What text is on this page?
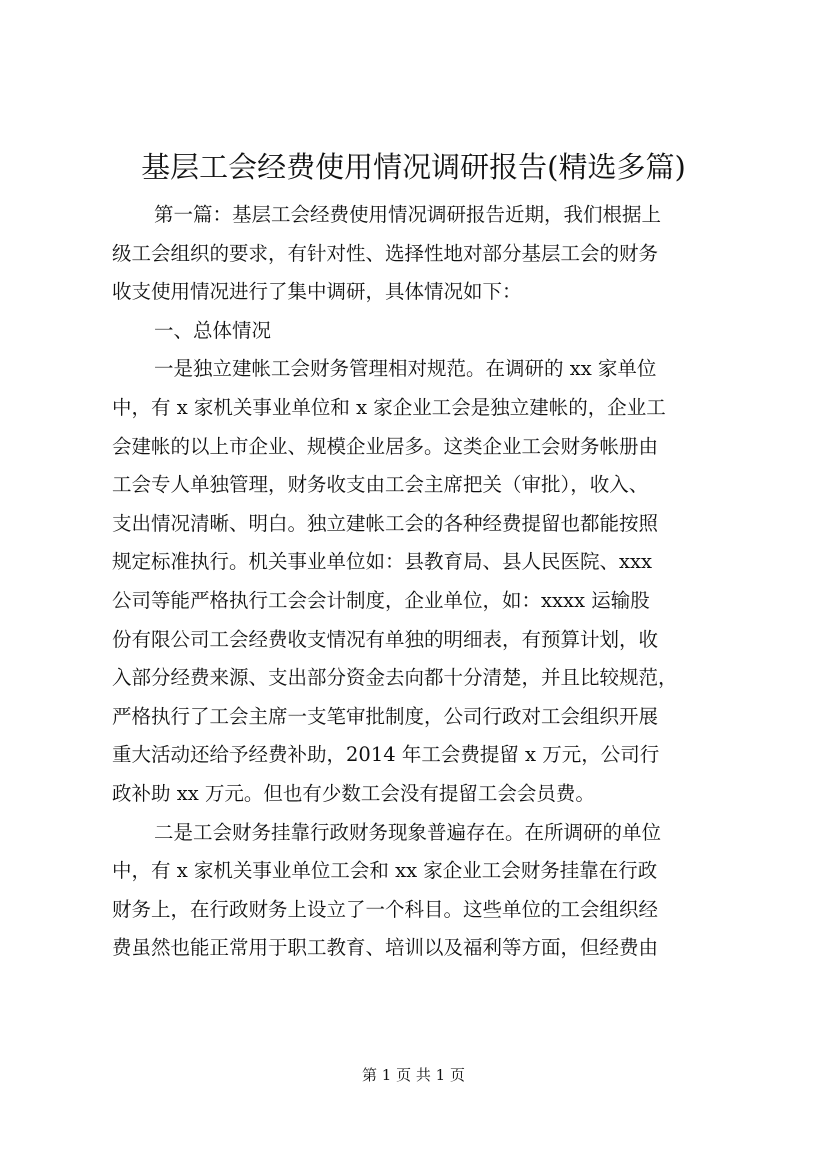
基层工会经费使用情况调研报告(精选多篇)
第一篇：基层工会经费使用情况调研报告近期，我们根据上
级工会组织的要求，有针对性、选择性地对部分基层工会的财务
收支使用情况进行了集中调研，具体情况如下：
一、总体情况
一是独立建帐工会财务管理相对规范。在调研的 xx 家单位
中，有 x 家机关事业单位和 x 家企业工会是独立建帐的，企业工
会建帐的以上市企业、规模企业居多。这类企业工会财务帐册由
工会专人单独管理，财务收支由工会主席把关（审批），收入、
支出情况清晰、明白。独立建帐工会的各种经费提留也都能按照
规定标准执行。机关事业单位如：县教育局、县人民医院、xxx
公司等能严格执行工会会计制度，企业单位，如：xxxx 运输股
份有限公司工会经费收支情况有单独的明细表，有预算计划，收
入部分经费来源、支出部分资金去向都十分清楚，并且比较规范，
严格执行了工会主席一支笔审批制度，公司行政对工会组织开展
重大活动还给予经费补助，2014 年工会费提留 x 万元，公司行
政补助 xx 万元。但也有少数工会没有提留工会会员费。
二是工会财务挂靠行政财务现象普遍存在。在所调研的单位
中，有 x 家机关事业单位工会和 xx 家企业工会财务挂靠在行政
财务上，在行政财务上设立了一个科目。这些单位的工会组织经
费虽然也能正常用于职工教育、培训以及福利等方面，但经费由
第 1 页 共 1 页
